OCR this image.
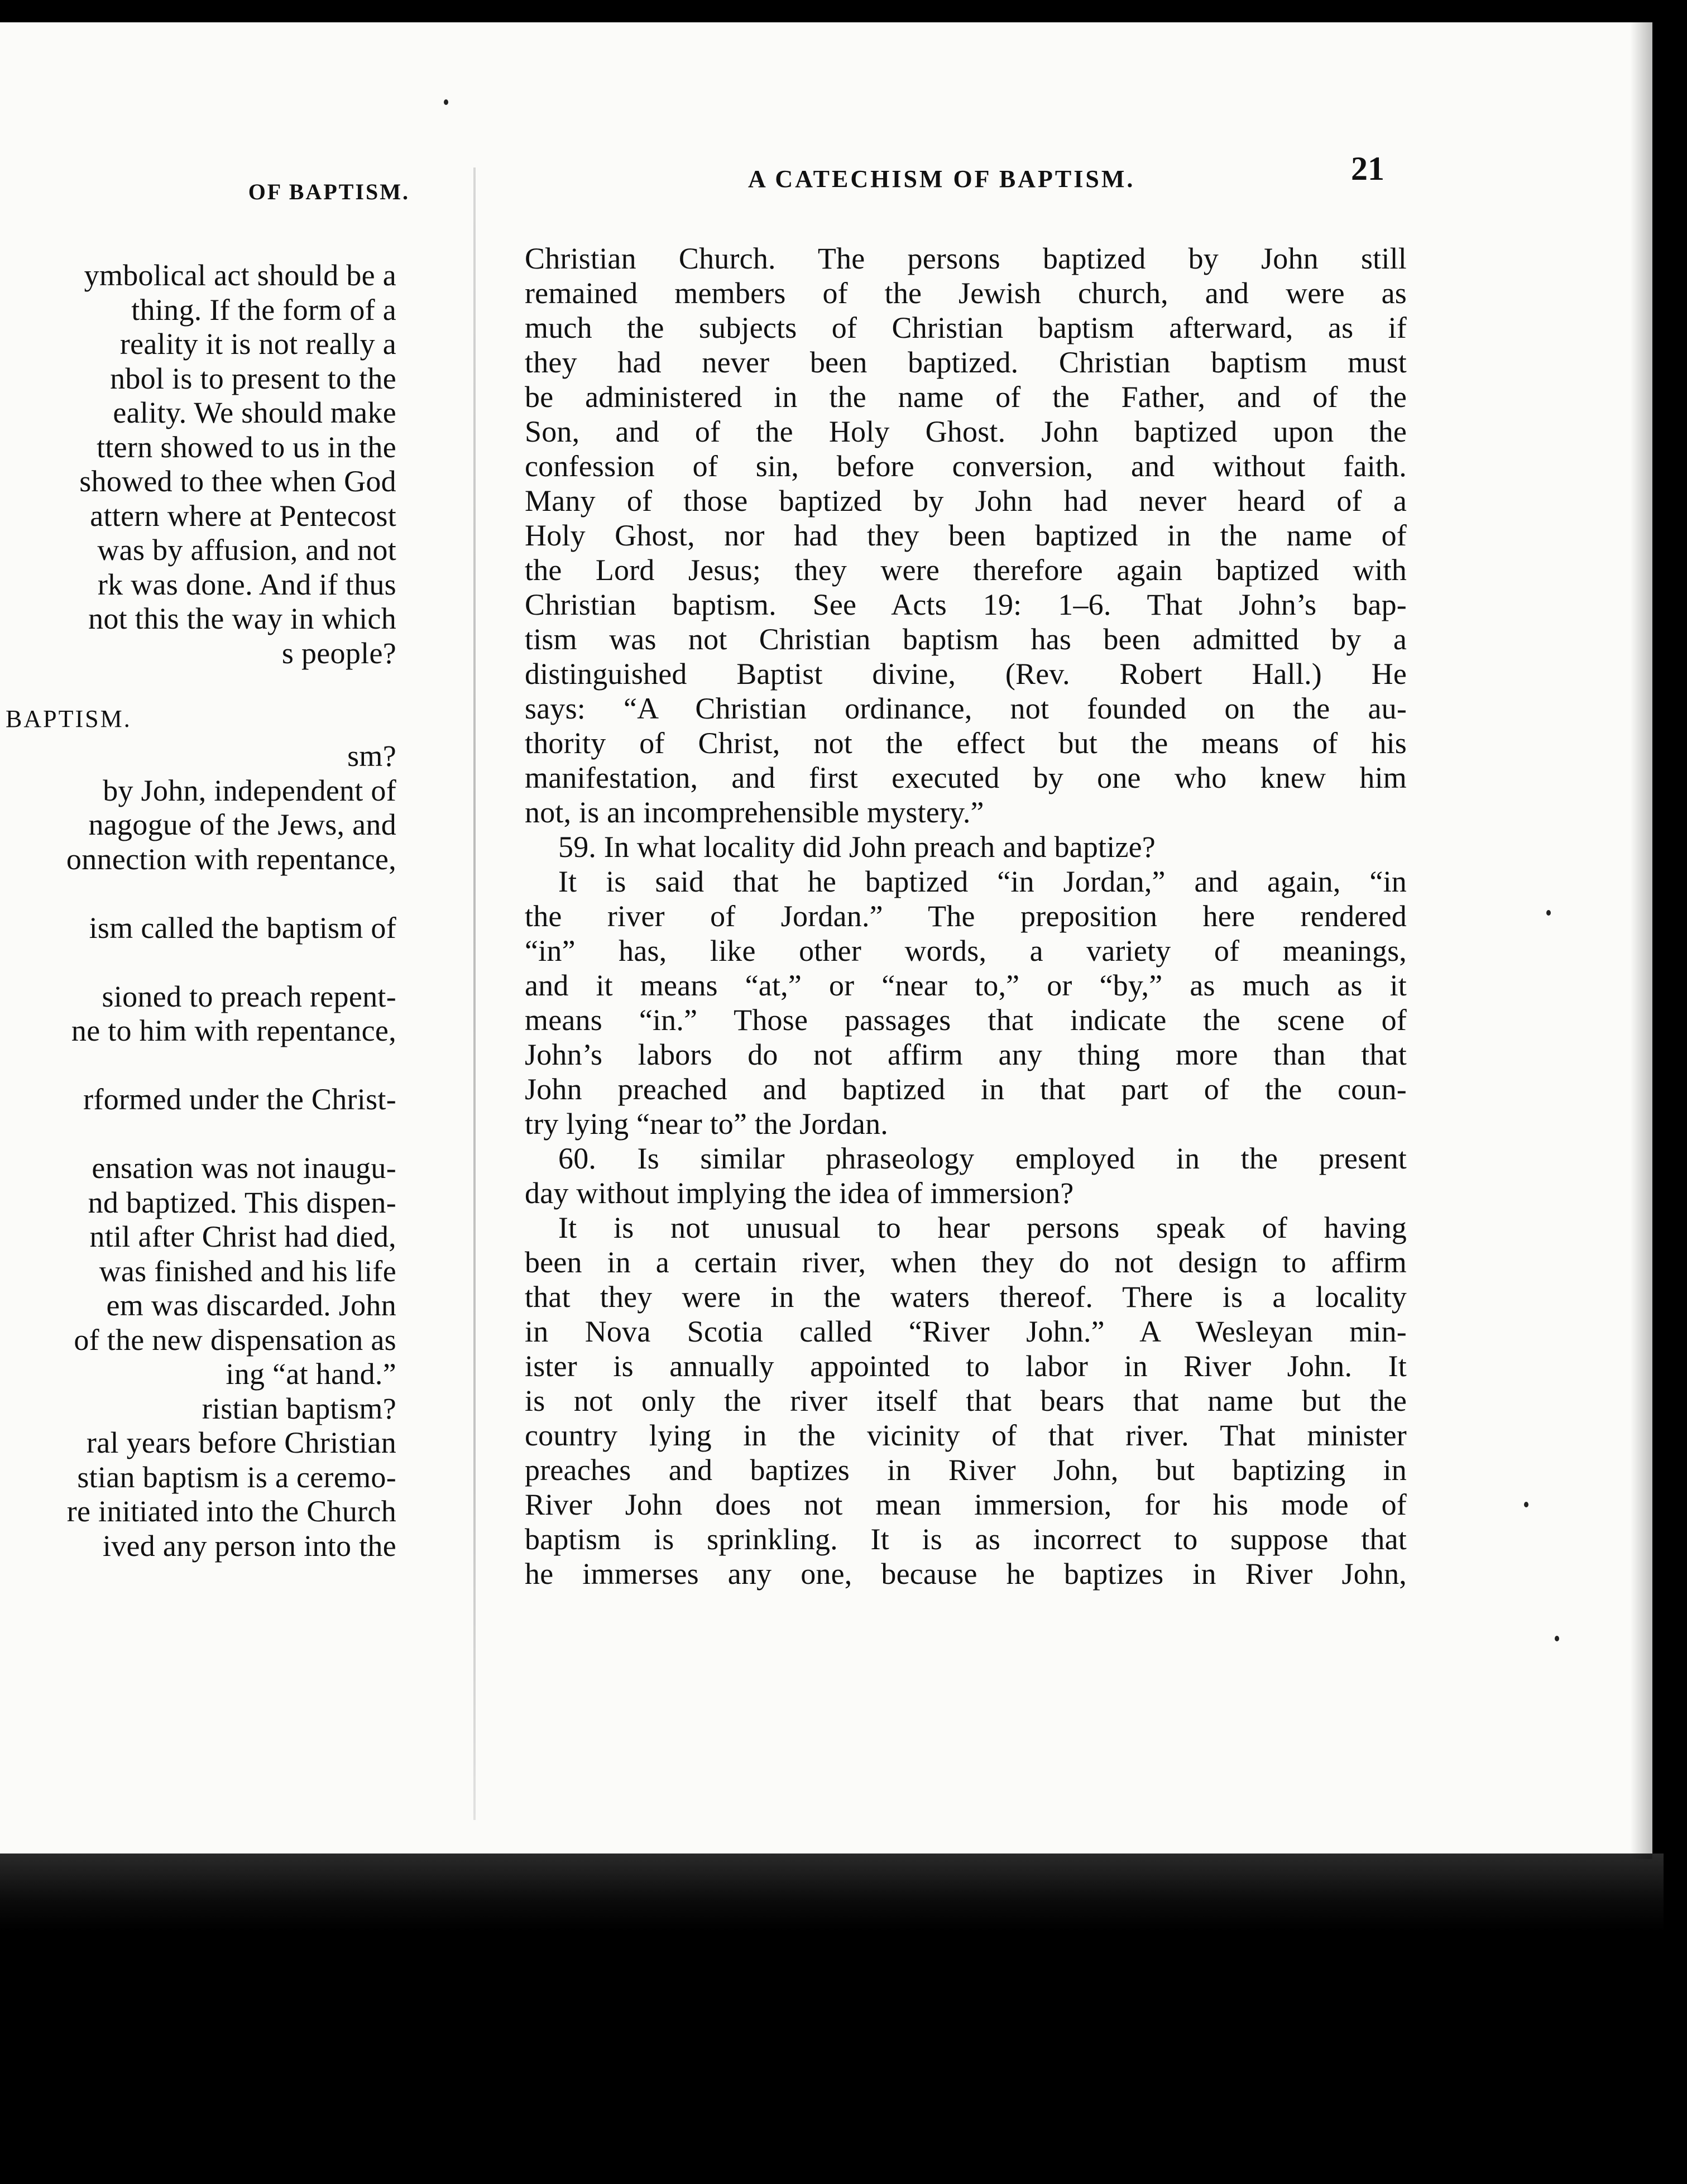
OF BAPTISM.
ymbolical act should be a
thing. If the form of a
reality it is not really a
nbol is to present to the
eality. We should make
ttern showed to us in the
showed to thee when God
attern where at Pentecost
was by affusion, and not
rk was done. And if thus
not this the way in which
s people?
BAPTISM.
sm?
by John, independent of
nagogue of the Jews, and
onnection with repentance,
ism called the baptism of
sioned to preach repent-
ne to him with repentance,
rformed under the Christ-
ensation was not inaugu-
nd baptized. This dispen-
ntil after Christ had died,
was finished and his life
em was discarded. John
of the new dispensation as
ing “at hand.”
ristian baptism?
ral years before Christian
stian baptism is a ceremo-
re initiated into the Church
ived any person into the
A CATECHISM OF BAPTISM.	21
Christian Church. The persons baptized by John still
remained members of the Jewish church, and were as
much the subjects of Christian baptism afterward, as if
they had never been baptized. Christian baptism must
be administered in the name of the Father, and of the
Son, and of the Holy Ghost. John baptized upon the
confession of sin, before conversion, and without faith.
Many of those baptized by John had never heard of a
Holy Ghost, nor had they been baptized in the name of
the Lord Jesus; they were therefore again baptized with
Christian baptism. See Acts 19: 1–6. That John’s bap-
tism was not Christian baptism has been admitted by a
distinguished Baptist divine, (Rev. Robert Hall.) He
says: “A Christian ordinance, not founded on the au-
thority of Christ, not the effect but the means of his
manifestation, and first executed by one who knew him
not, is an incomprehensible mystery.”
59. In what locality did John preach and baptize?
It is said that he baptized “in Jordan,” and again, “in
the river of Jordan.” The preposition here rendered
“in” has, like other words, a variety of meanings,
and it means “at,” or “near to,” or “by,” as much as it
means “in.” Those passages that indicate the scene of
John’s labors do not affirm any thing more than that
John preached and baptized in that part of the coun-
try lying “near to” the Jordan.
60. Is similar phraseology employed in the present
day without implying the idea of immersion?
It is not unusual to hear persons speak of having
been in a certain river, when they do not design to affirm
that they were in the waters thereof. There is a locality
in Nova Scotia called “River John.” A Wesleyan min-
ister is annually appointed to labor in River John. It
is not only the river itself that bears that name but the
country lying in the vicinity of that river. That minister
preaches and baptizes in River John, but baptizing in
River John does not mean immersion, for his mode of
baptism is sprinkling. It is as incorrect to suppose that
he immerses any one, because he baptizes in River John,
